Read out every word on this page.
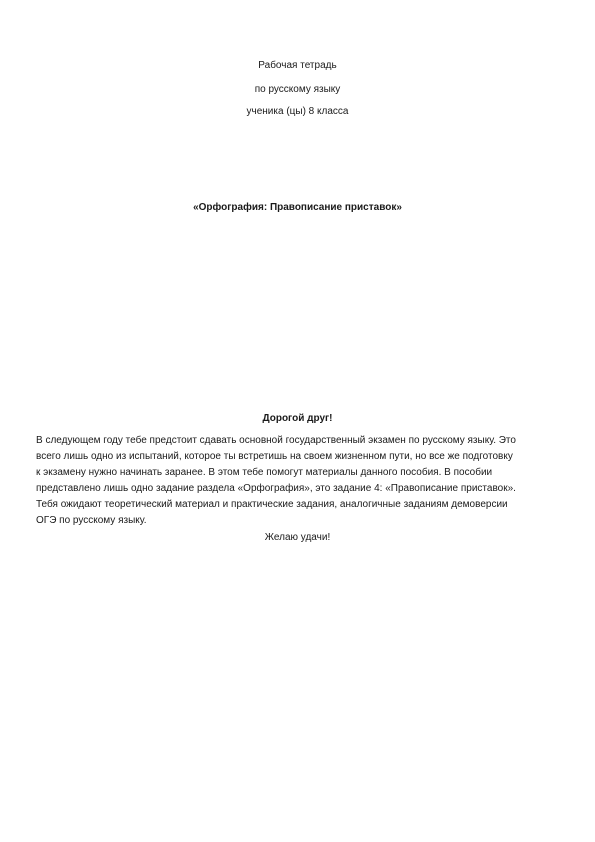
Рабочая тетрадь
по русскому языку
ученика (цы) 8 класса
«Орфография: Правописание приставок»
Дорогой друг!
В следующем году тебе предстоит сдавать основной государственный экзамен по русскому языку. Это
всего лишь одно из испытаний, которое ты встретишь на своем жизненном пути, но все же подготовку
к экзамену нужно начинать заранее. В этом тебе помогут материалы данного пособия. В пособии
представлено лишь одно задание раздела «Орфография», это задание 4: «Правописание приставок».
Тебя ожидают теоретический материал и практические задания, аналогичные заданиям демоверсии
ОГЭ по русскому языку.
Желаю удачи!
